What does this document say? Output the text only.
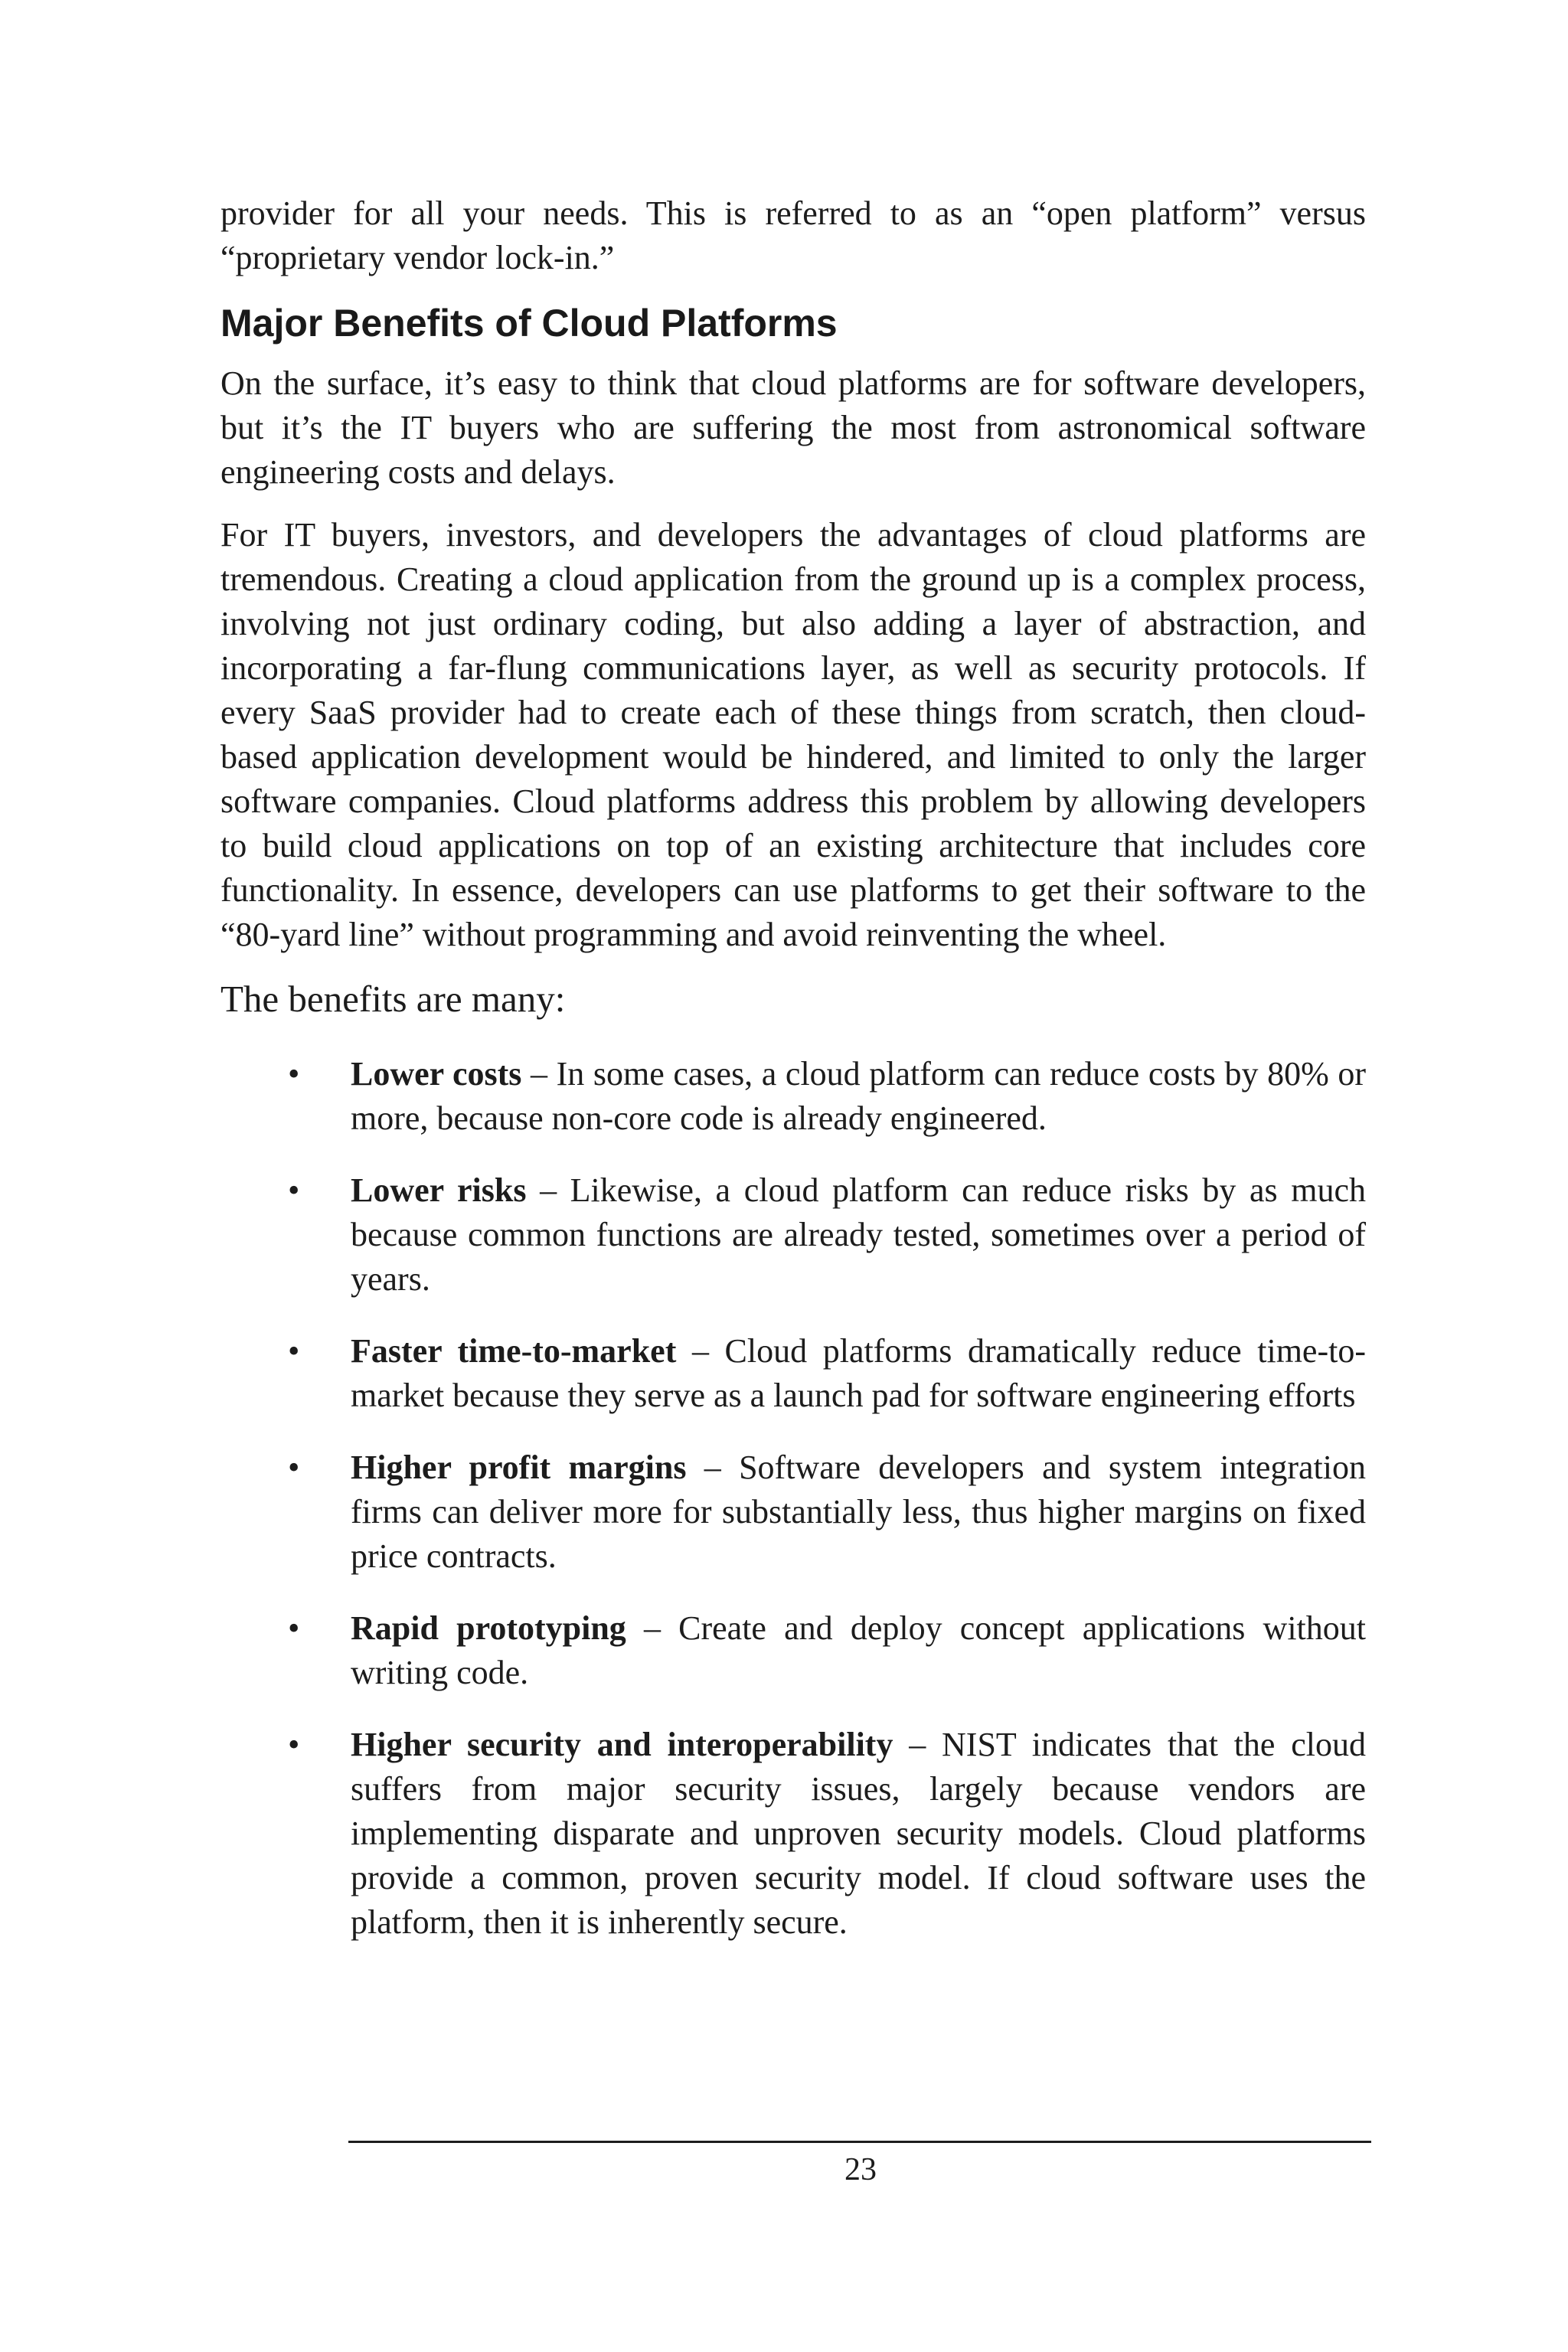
provider for all your needs. This is referred to as an “open platform” versus “proprietary vendor lock-in.”

Major Benefits of Cloud Platforms

On the surface, it’s easy to think that cloud platforms are for software developers, but it’s the IT buyers who are suffering the most from astronomical software engineering costs and delays.

For IT buyers, investors, and developers the advantages of cloud platforms are tremendous. Creating a cloud application from the ground up is a complex process, involving not just ordinary coding, but also adding a layer of abstraction, and incorporating a far-flung communications layer, as well as security protocols. If every SaaS provider had to create each of these things from scratch, then cloud-based application development would be hindered, and limited to only the larger software companies. Cloud platforms address this problem by allowing developers to build cloud applications on top of an existing architecture that includes core functionality. In essence, developers can use platforms to get their software to the “80-yard line” without programming and avoid reinventing the wheel.

The benefits are many:

• Lower costs – In some cases, a cloud platform can reduce costs by 80% or more, because non-core code is already engineered.
• Lower risks – Likewise, a cloud platform can reduce risks by as much because common functions are already tested, sometimes over a period of years.
• Faster time-to-market – Cloud platforms dramatically reduce time-to-market because they serve as a launch pad for software engineering efforts
• Higher profit margins – Software developers and system integration firms can deliver more for substantially less, thus higher margins on fixed price contracts.
• Rapid prototyping – Create and deploy concept applications without writing code.
• Higher security and interoperability – NIST indicates that the cloud suffers from major security issues, largely because vendors are implementing disparate and unproven security models. Cloud platforms provide a common, proven security model. If cloud software uses the platform, then it is inherently secure.
23
